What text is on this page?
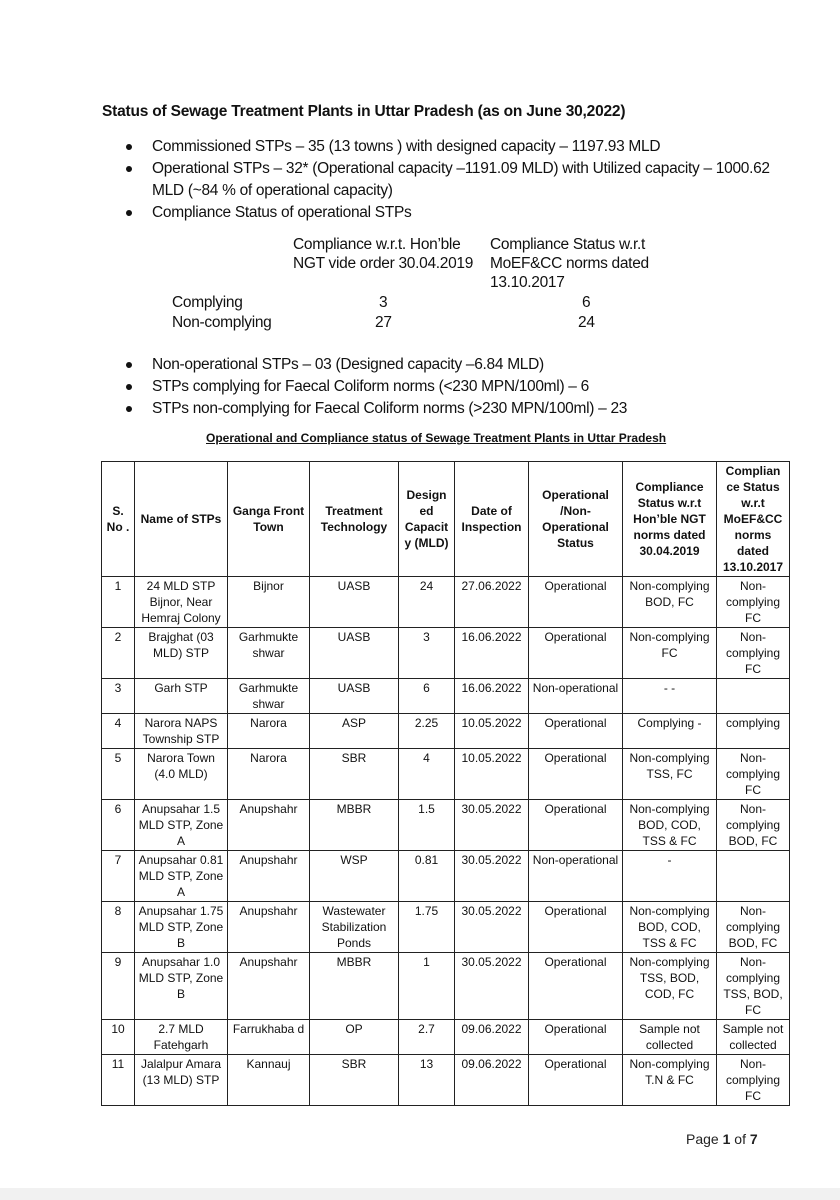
Status of Sewage Treatment Plants in Uttar Pradesh (as on June 30,2022)
Commissioned STPs – 35 (13 towns ) with designed capacity – 1197.93 MLD
Operational STPs – 32* (Operational capacity –1191.09 MLD) with Utilized capacity – 1000.62 MLD (~84 % of operational capacity)
Compliance Status of operational STPs
Compliance w.r.t. Hon’ble
NGT vide order 30.04.2019
Compliance Status w.r.t
MoEF&CC norms dated
13.10.2017
Complying	3	6
Non-complying	27	24
Non-operational STPs – 03 (Designed capacity –6.84 MLD)
STPs complying for Faecal Coliform norms (<230 MPN/100ml) – 6
STPs non-complying for Faecal Coliform norms (>230 MPN/100ml) – 23
Operational and Compliance status of Sewage Treatment Plants in Uttar Pradesh
S. No .	Name of STPs	Ganga Front Town	Treatment Technology	Design ed Capacit y (MLD)	Date of Inspection	Operational /Non-Operational Status	Compliance Status w.r.t Hon’ble NGT norms dated 30.04.2019	Complian ce Status w.r.t MoEF&CC norms dated 13.10.2017
1	24 MLD STP Bijnor, Near Hemraj Colony	Bijnor	UASB	24	27.06.2022	Operational	Non-complying BOD, FC	Non-complying FC
2	Brajghat (03 MLD) STP	Garhmukte shwar	UASB	3	16.06.2022	Operational	Non-complying FC	Non-complying FC
3	Garh STP	Garhmukte shwar	UASB	6	16.06.2022	Non-operational	- -	
4	Narora NAPS Township STP	Narora	ASP	2.25	10.05.2022	Operational	Complying -	complying
5	Narora Town (4.0 MLD)	Narora	SBR	4	10.05.2022	Operational	Non-complying TSS, FC	Non-complying FC
6	Anupsahar 1.5 MLD STP, Zone A	Anupshahr	MBBR	1.5	30.05.2022	Operational	Non-complying BOD, COD, TSS & FC	Non-complying BOD, FC
7	Anupsahar 0.81 MLD STP, Zone A	Anupshahr	WSP	0.81	30.05.2022	Non-operational	-	
8	Anupsahar 1.75 MLD STP, Zone B	Anupshahr	Wastewater Stabilization Ponds	1.75	30.05.2022	Operational	Non-complying BOD, COD, TSS & FC	Non-complying BOD, FC
9	Anupsahar 1.0 MLD STP, Zone B	Anupshahr	MBBR	1	30.05.2022	Operational	Non-complying TSS, BOD, COD, FC	Non-complying TSS, BOD, FC
10	2.7 MLD Fatehgarh	Farrukhaba d	OP	2.7	09.06.2022	Operational	Sample not collected	Sample not collected
11	Jalalpur Amara (13 MLD) STP	Kannauj	SBR	13	09.06.2022	Operational	Non-complying T.N & FC	Non-complying FC
Page 1 of 7
